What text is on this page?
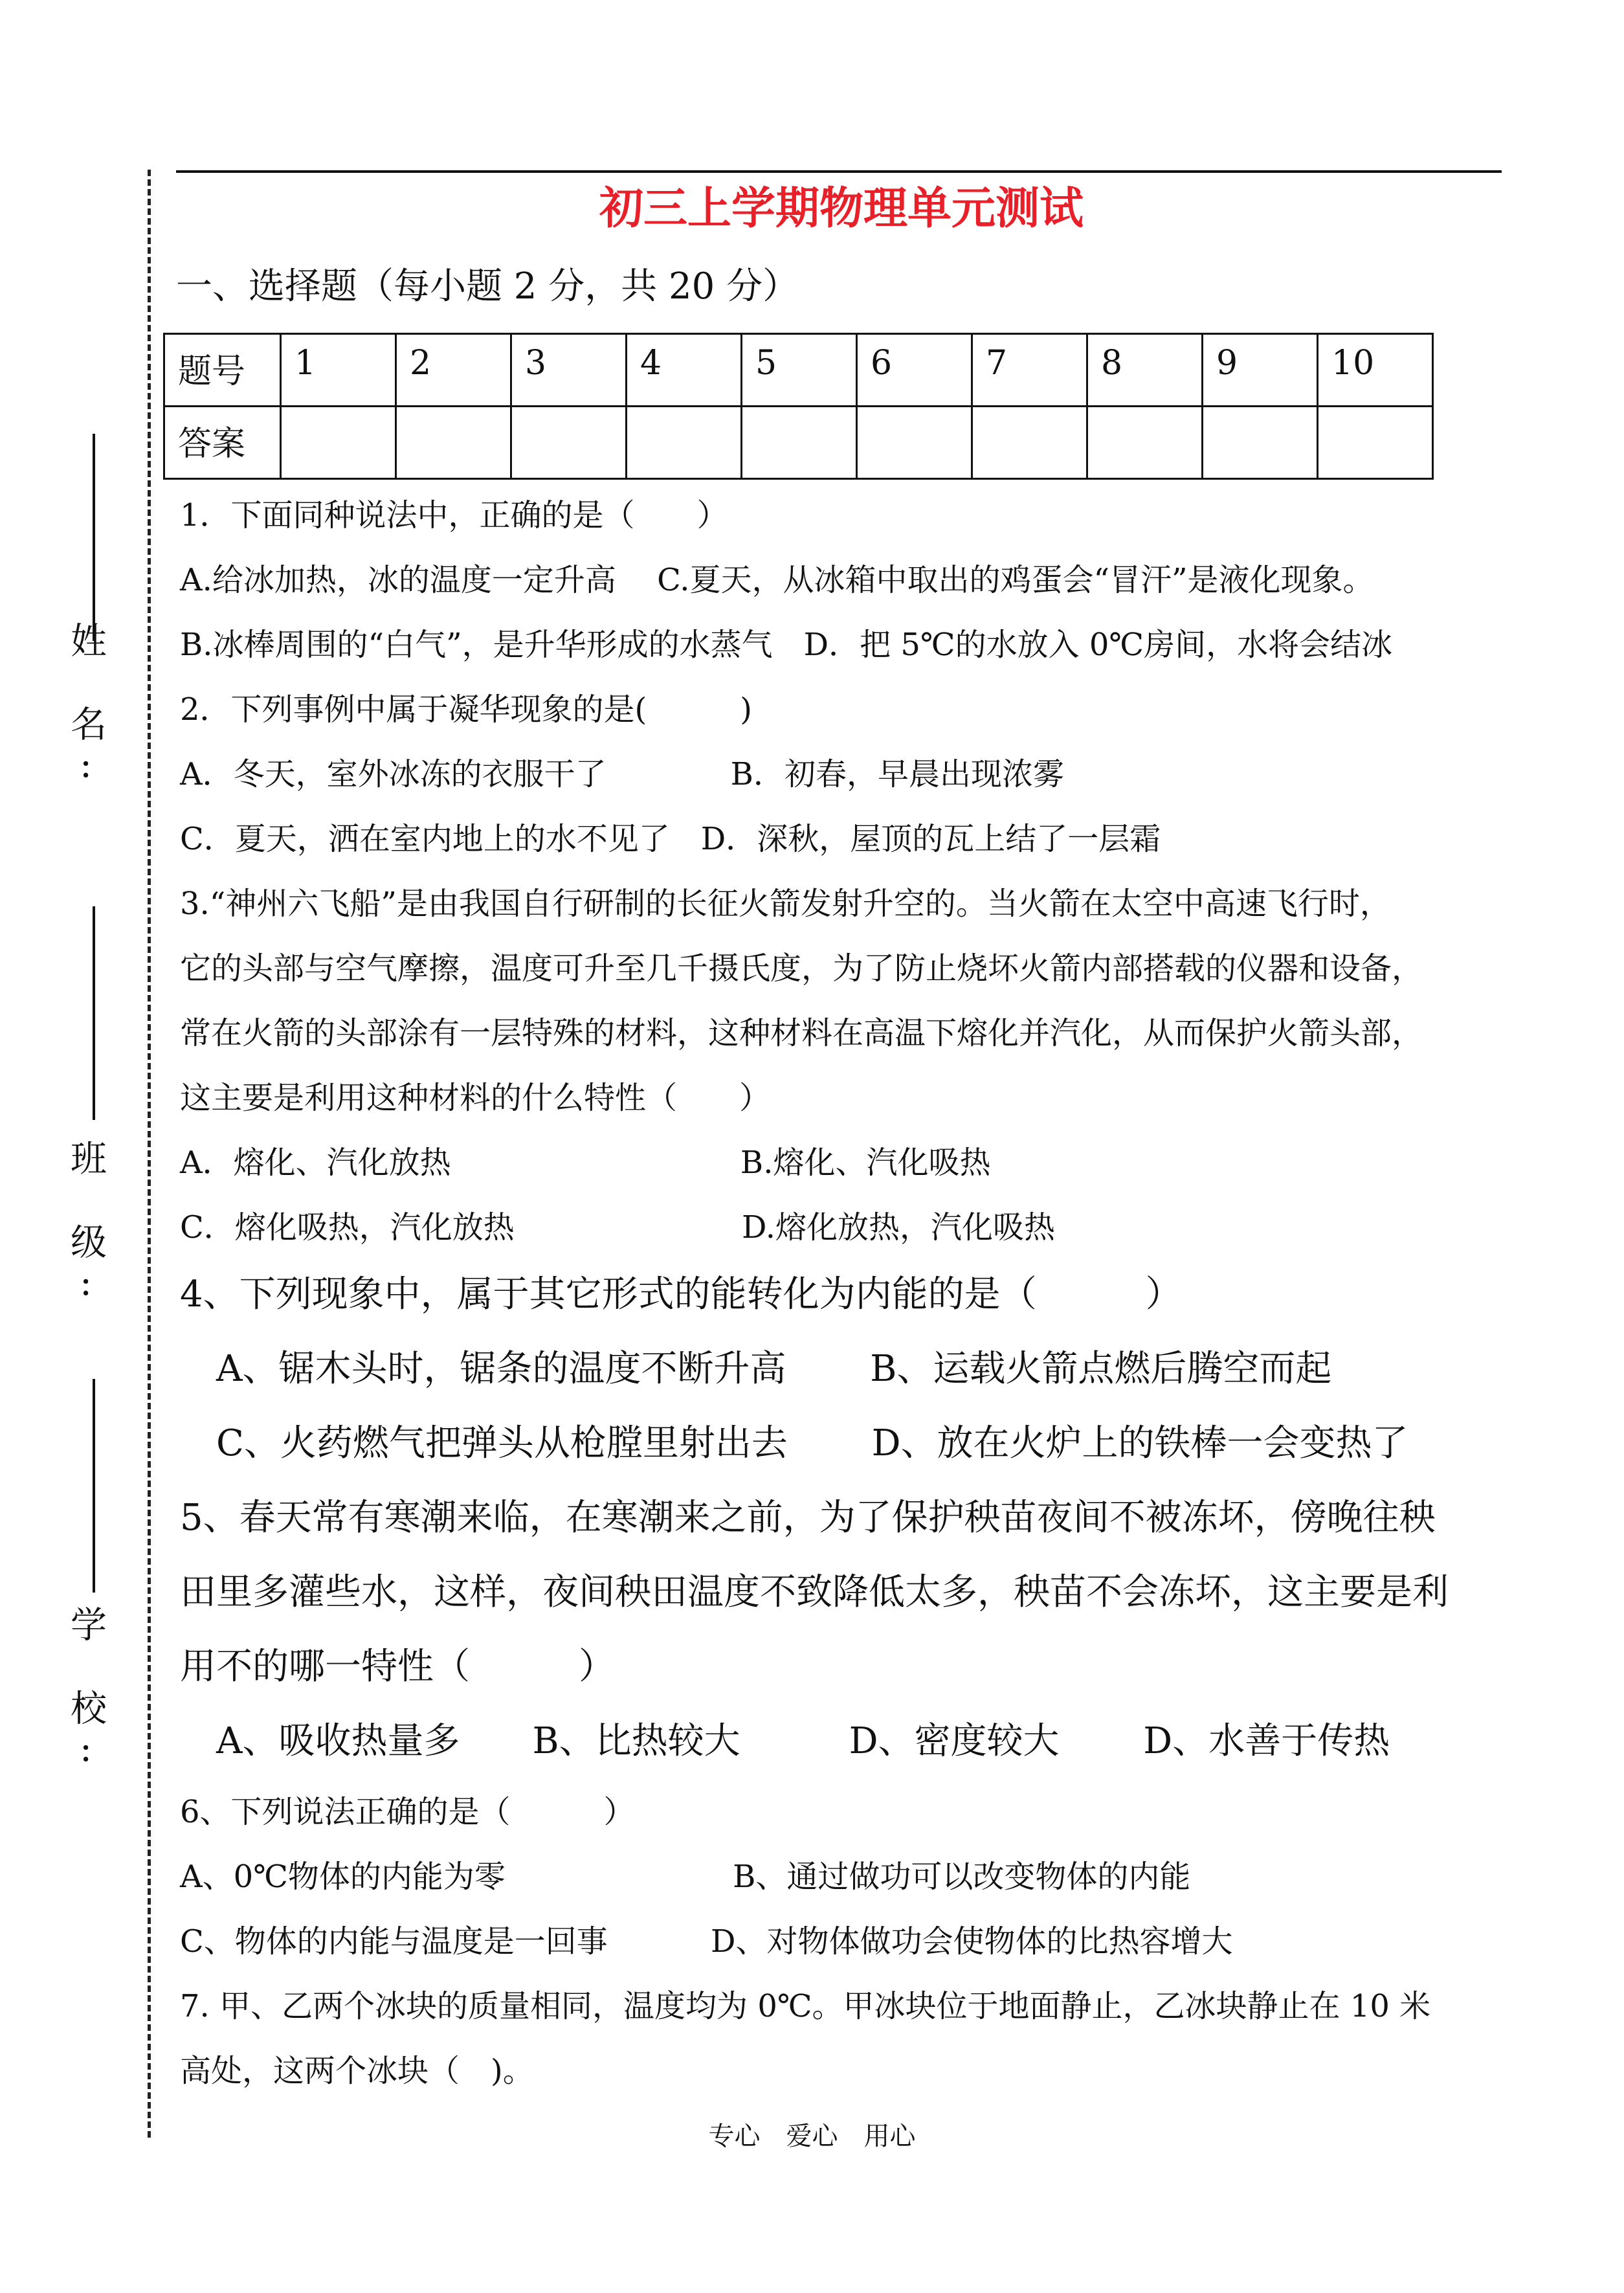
姓 名:
班 级:
学 校:
初三上学期物理单元测试
一、选择题（每小题 2 分，共 20 分）
题号	1	2	3	4	5	6	7	8	9	10
答案										
1．下面同种说法中，正确的是（　　）
A.给冰加热，冰的温度一定升高　 C.夏天，从冰箱中取出的鸡蛋会“冒汗”是液化现象。
B.冰棒周围的“白气”，是升华形成的水蒸气　D．把 5℃的水放入 0℃房间，水将会结冰
2．下列事例中属于凝华现象的是(　　　)
A．冬天，室外冰冻的衣服干了　　　　B．初春，早晨出现浓雾
C．夏天，洒在室内地上的水不见了　D．深秋，屋顶的瓦上结了一层霜
3.“神州六飞船”是由我国自行研制的长征火箭发射升空的。当火箭在太空中高速飞行时，
它的头部与空气摩擦，温度可升至几千摄氏度，为了防止烧坏火箭内部搭载的仪器和设备，
常在火箭的头部涂有一层特殊的材料，这种材料在高温下熔化并汽化，从而保护火箭头部，
这主要是利用这种材料的什么特性（　　）
A．熔化、汽化放热　　　　　　　　　 B.熔化、汽化吸热
C．熔化吸热，汽化放热　　　　　　　 D.熔化放热，汽化吸热
4、下列现象中，属于其它形式的能转化为内能的是（　　　）
　A、锯木头时，锯条的温度不断升高　　 B、运载火箭点燃后腾空而起
　C、火药燃气把弹头从枪膛里射出去　　 D、放在火炉上的铁棒一会变热了
5、春天常有寒潮来临，在寒潮来之前，为了保护秧苗夜间不被冻坏，傍晚往秧
田里多灌些水，这样，夜间秧田温度不致降低太多，秧苗不会冻坏，这主要是利
用不的哪一特性（　　　）
　A、吸收热量多　　B、比热较大　　　D、密度较大　　 D、水善于传热
6、下列说法正确的是（　　　）
A、0℃物体的内能为零　　　　　　　 B、通过做功可以改变物体的内能
C、物体的内能与温度是一回事　　　 D、对物体做功会使物体的比热容增大
7. 甲、乙两个冰块的质量相同，温度均为 0℃。甲冰块位于地面静止，乙冰块静止在 10 米
高处，这两个冰块（　)。
专心　爱心　用心
